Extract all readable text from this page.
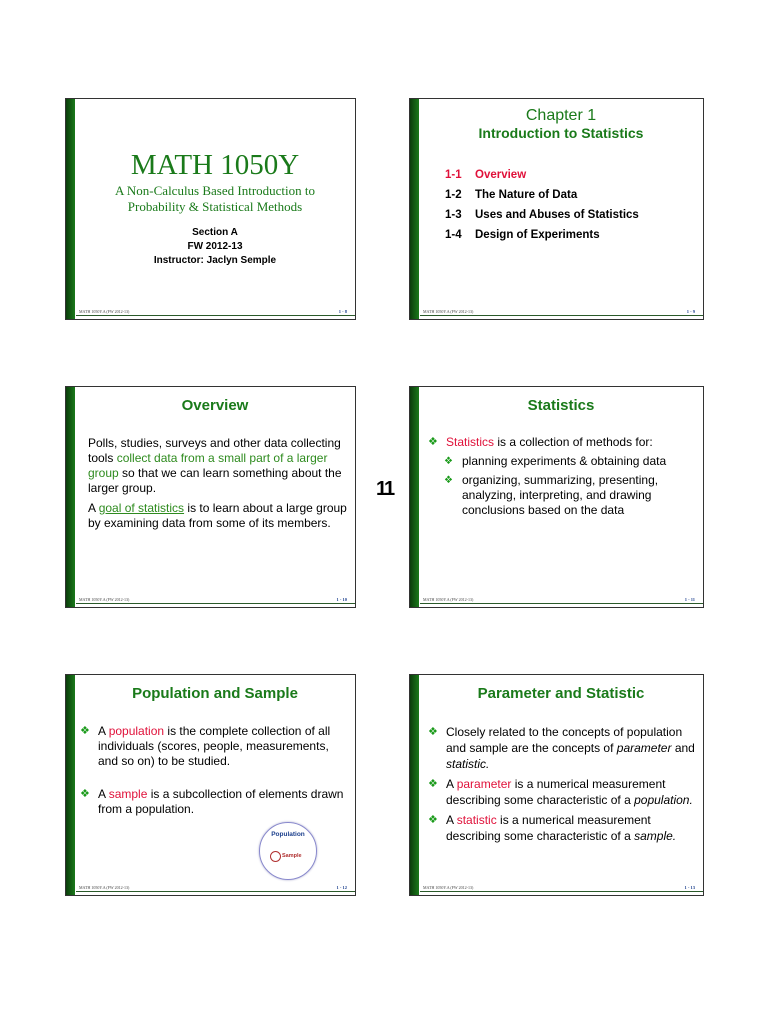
MATH 1050Y
A Non-Calculus Based Introduction to
Probability & Statistical Methods
Section A
FW 2012-13
Instructor: Jaclyn Semple
MATH 1050Y.A (FW 2012-13)	1 - 8
Chapter 1
Introduction to Statistics
1-1 Overview
1-2 The Nature of Data
1-3 Uses and Abuses of Statistics
1-4 Design of Experiments
MATH 1050Y.A (FW 2012-13)	1 - 9
Overview
Polls, studies, surveys and other data collecting tools collect data from a small part of a larger group so that we can learn something about the larger group.
A goal of statistics is to learn about a large group by examining data from some of its members.
MATH 1050Y.A (FW 2012-13)	1 - 10
11
Statistics
❖ Statistics is a collection of methods for:
❖ planning experiments & obtaining data
❖ organizing, summarizing, presenting, analyzing, interpreting, and drawing conclusions based on the data
MATH 1050Y.A (FW 2012-13)	1 - 11
Population and Sample
❖ A population is the complete collection of all individuals (scores, people, measurements, and so on) to be studied.
❖ A sample is a subcollection of elements drawn from a population.
Population
Sample
MATH 1050Y.A (FW 2012-13)	1 - 12
Parameter and Statistic
❖ Closely related to the concepts of population and sample are the concepts of parameter and statistic.
❖ A parameter is a numerical measurement describing some characteristic of a population.
❖ A statistic is a numerical measurement describing some characteristic of a sample.
MATH 1050Y.A (FW 2012-13)	1 - 13
